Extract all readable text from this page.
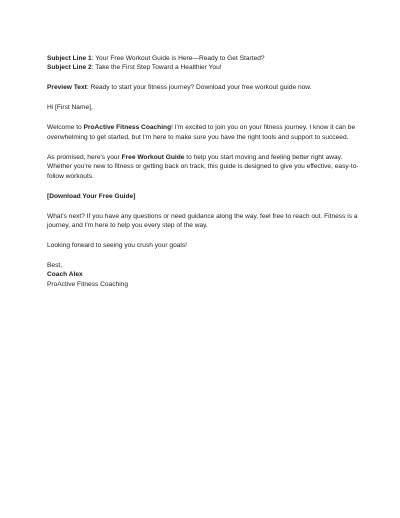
Subject Line 1: Your Free Workout Guide is Here—Ready to Get Started?
Subject Line 2: Take the First Step Toward a Healthier You!

Preview Text: Ready to start your fitness journey? Download your free workout guide now.

Hi [First Name],

Welcome to ProActive Fitness Coaching! I'm excited to join you on your fitness journey. I know it can be overwhelming to get started, but I'm here to make sure you have the right tools and support to succeed.

As promised, here's your Free Workout Guide to help you start moving and feeling better right away. Whether you're new to fitness or getting back on track, this guide is designed to give you effective, easy-to-follow workouts.

[Download Your Free Guide]

What's next? If you have any questions or need guidance along the way, feel free to reach out. Fitness is a journey, and I'm here to help you every step of the way.

Looking forward to seeing you crush your goals!

Best,
Coach Alex
ProActive Fitness Coaching
